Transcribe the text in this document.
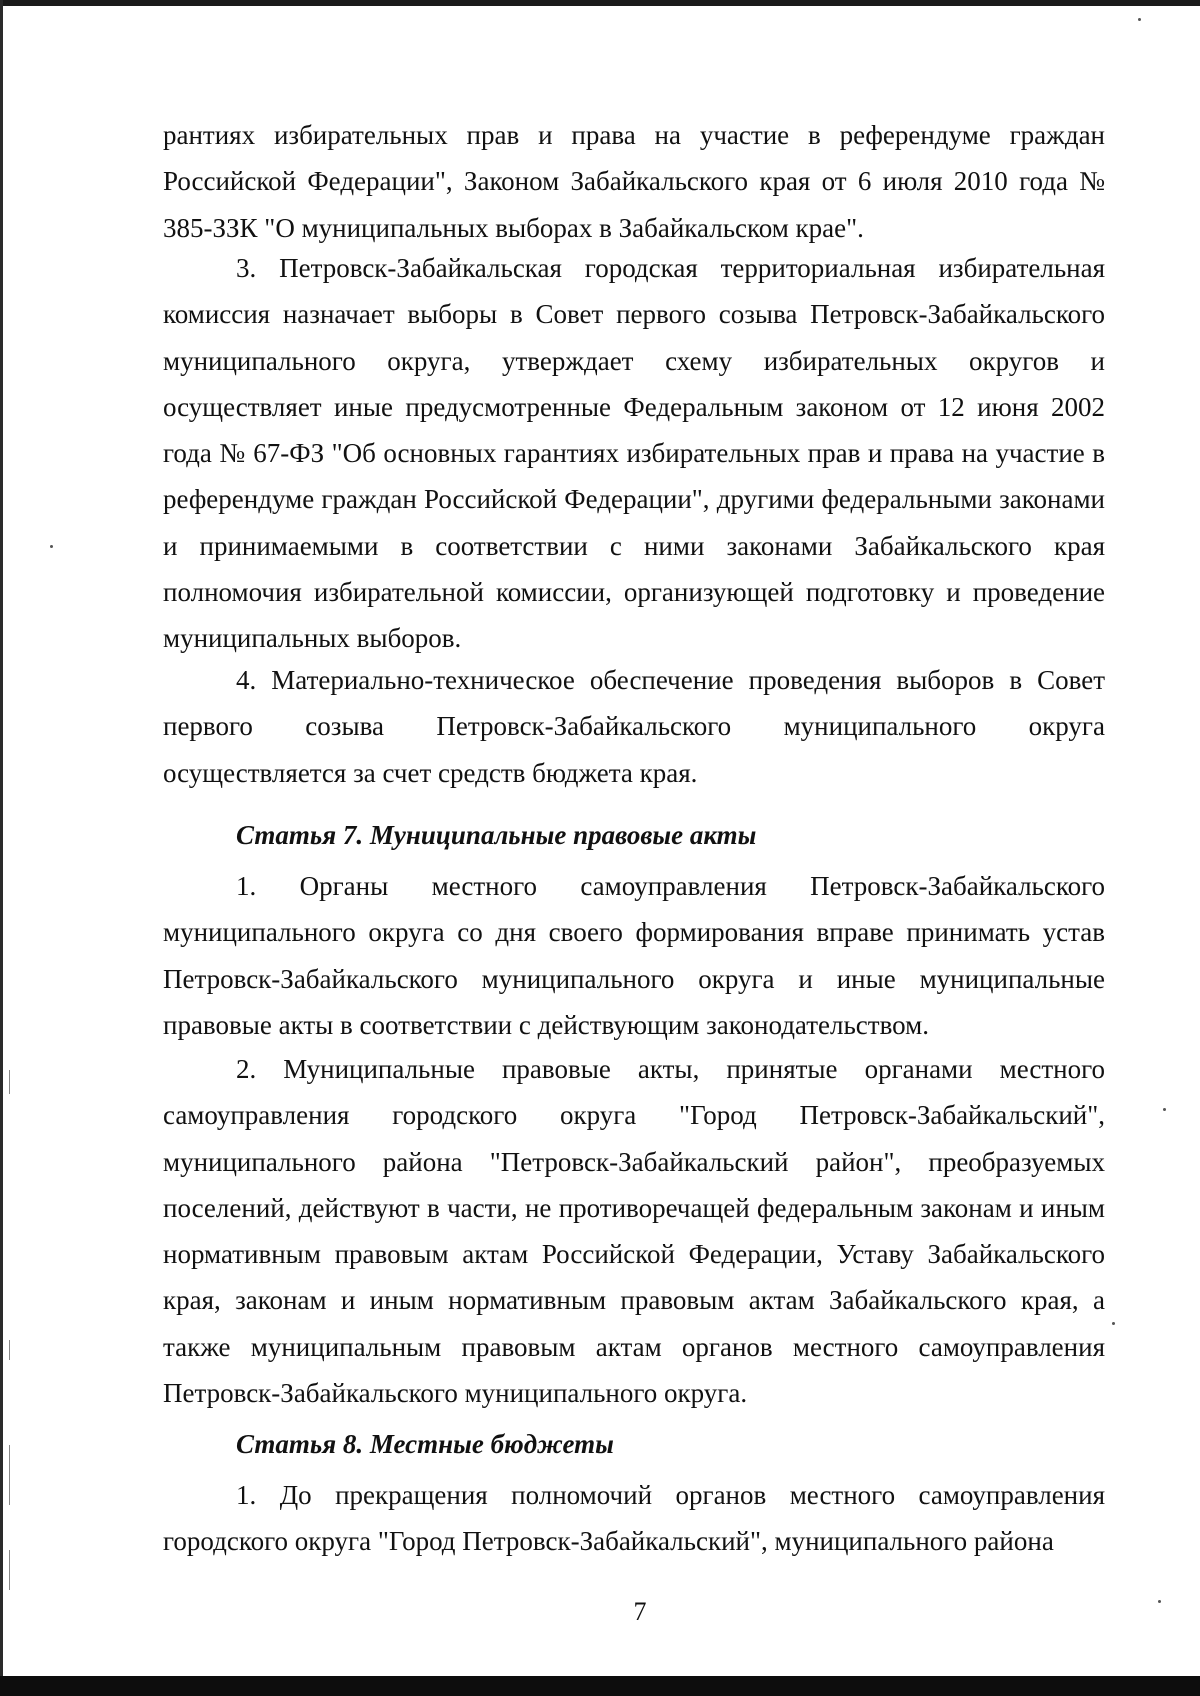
рантиях избирательных прав и права на участие в референдуме граждан Российской Федерации", Законом Забайкальского края от 6 июля 2010 года № 385-ЗЗК "О муниципальных выборах в Забайкальском крае".

3. Петровск-Забайкальская городская территориальная избирательная комиссия назначает выборы в Совет первого созыва Петровск-Забайкальского муниципального округа, утверждает схему избирательных округов и осуществляет иные предусмотренные Федеральным законом от 12 июня 2002 года № 67-ФЗ "Об основных гарантиях избирательных прав и права на участие в референдуме граждан Российской Федерации", другими федеральными законами и принимаемыми в соответствии с ними законами Забайкальского края полномочия избирательной комиссии, организующей подготовку и проведение муниципальных выборов.

4. Материально-техническое обеспечение проведения выборов в Совет первого созыва Петровск-Забайкальского муниципального округа осуществляется за счет средств бюджета края.

Статья 7. Муниципальные правовые акты

1. Органы местного самоуправления Петровск-Забайкальского муниципального округа со дня своего формирования вправе принимать устав Петровск-Забайкальского муниципального округа и иные муниципальные правовые акты в соответствии с действующим законодательством.

2. Муниципальные правовые акты, принятые органами местного самоуправления городского округа "Город Петровск-Забайкальский", муниципального района "Петровск-Забайкальский район", преобразуемых поселений, действуют в части, не противоречащей федеральным законам и иным нормативным правовым актам Российской Федерации, Уставу Забайкальского края, законам и иным нормативным правовым актам Забайкальского края, а также муниципальным правовым актам органов местного самоуправления Петровск-Забайкальского муниципального округа.

Статья 8. Местные бюджеты

1. До прекращения полномочий органов местного самоуправления городского округа "Город Петровск-Забайкальский", муниципального района

7
